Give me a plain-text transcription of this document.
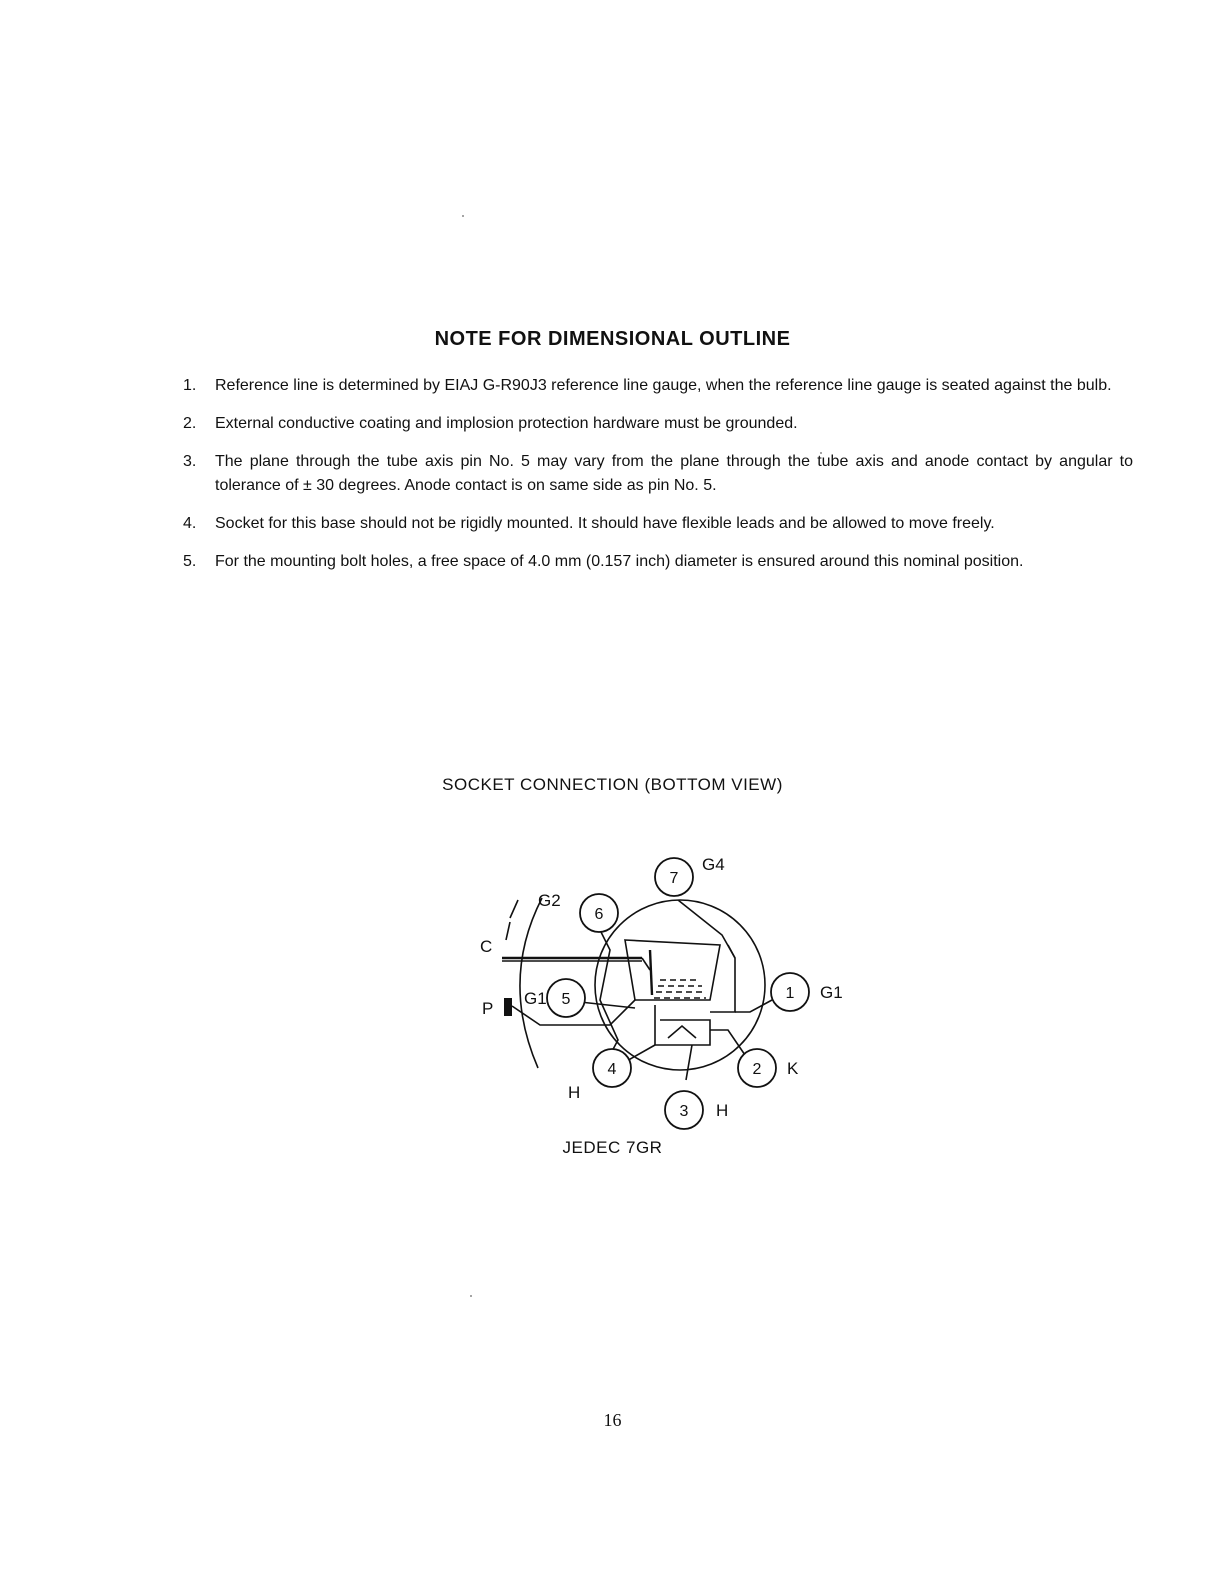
NOTE FOR DIMENSIONAL OUTLINE
1. Reference line is determined by EIAJ G-R90J3 reference line gauge, when the reference line gauge is seated against the bulb.
2. External conductive coating and implosion protection hardware must be grounded.
3. The plane through the tube axis pin No. 5 may vary from the plane through the tube axis and anode contact by angular to tolerance of ± 30 degrees. Anode contact is on same side as pin No. 5.
4. Socket for this base should not be rigidly mounted. It should have flexible leads and be allowed to move freely.
5. For the mounting bolt holes, a free space of 4.0 mm (0.157 inch) diameter is ensured around this nominal position.
SOCKET CONNECTION (BOTTOM VIEW)
1
2
3
4
5
6
7
G1
K
H
H
G1
G2
G4
C
P
JEDEC 7GR
16
